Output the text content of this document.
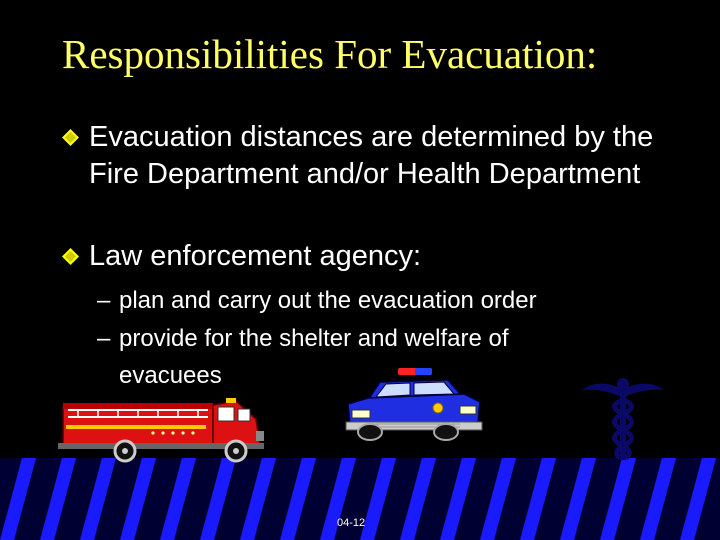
Responsibilities For Evacuation:
Evacuation distances are determined by the Fire Department and/or Health Department
Law enforcement agency:
– plan and carry out the evacuation order
– provide for the shelter and welfare of evacuees
04-12
